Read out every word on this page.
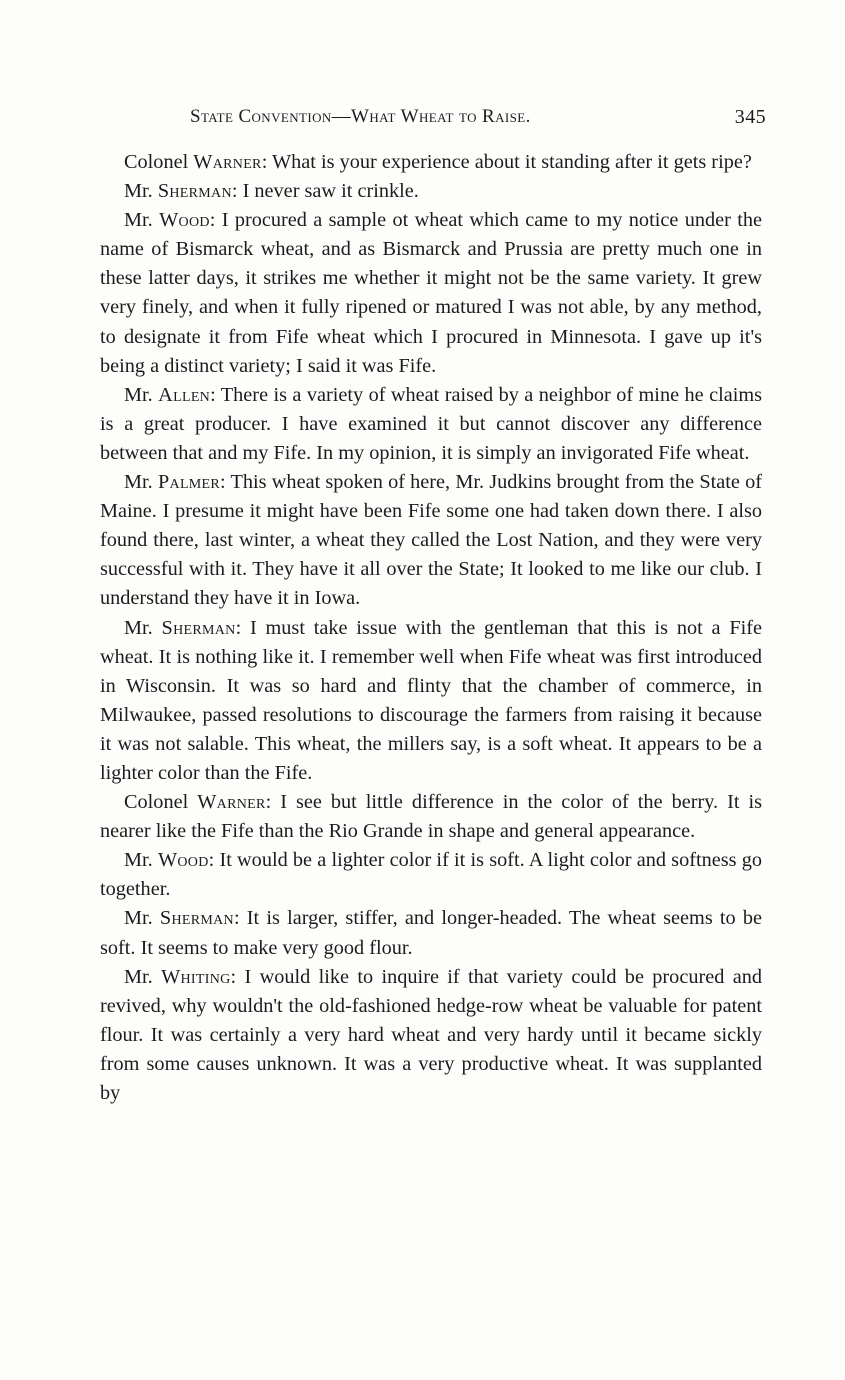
State Convention—What Wheat to Raise.	345

Colonel Warner: What is your experience about it standing after it gets ripe?

Mr. Sherman: I never saw it crinkle.

Mr. Wood: I procured a sample ot wheat which came to my notice under the name of Bismarck wheat, and as Bismarck and Prussia are pretty much one in these latter days, it strikes me whether it might not be the same variety. It grew very finely, and when it fully ripened or matured I was not able, by any method, to designate it from Fife wheat which I procured in Minnesota. I gave up it's being a distinct variety; I said it was Fife.

Mr. Allen: There is a variety of wheat raised by a neighbor of mine he claims is a great producer. I have examined it but cannot discover any difference between that and my Fife. In my opinion, it is simply an invigorated Fife wheat.

Mr. Palmer: This wheat spoken of here, Mr. Judkins brought from the State of Maine. I presume it might have been Fife some one had taken down there. I also found there, last winter, a wheat they called the Lost Nation, and they were very successful with it. They have it all over the State; It looked to me like our club. I understand they have it in Iowa.

Mr. Sherman: I must take issue with the gentleman that this is not a Fife wheat. It is nothing like it. I remember well when Fife wheat was first introduced in Wisconsin. It was so hard and flinty that the chamber of commerce, in Milwaukee, passed resolutions to discourage the farmers from raising it because it was not salable. This wheat, the millers say, is a soft wheat. It appears to be a lighter color than the Fife.

Colonel Warner: I see but little difference in the color of the berry. It is nearer like the Fife than the Rio Grande in shape and general appearance.

Mr. Wood: It would be a lighter color if it is soft. A light color and softness go together.

Mr. Sherman: It is larger, stiffer, and longer-headed. The wheat seems to be soft. It seems to make very good flour.

Mr. Whiting: I would like to inquire if that variety could be procured and revived, why wouldn't the old-fashioned hedge-row wheat be valuable for patent flour. It was certainly a very hard wheat and very hardy until it became sickly from some causes unknown. It was a very productive wheat. It was supplanted by
